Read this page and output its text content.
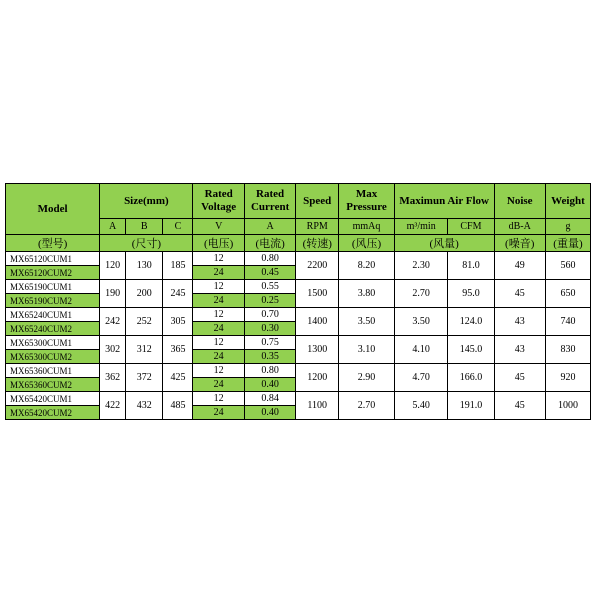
Model	Size(mm)			Rated Voltage	Rated Current	Speed	Max Pressure	Maximun Air Flow		Noise	Weight
	A	B	C	V	A	RPM	mmAq	m³/min	CFM	dB-A	g
(型号)	(尺寸)			(电压)	(电流)	(转速)	(风压)	(风量)		(噪音)	(重量)
MX65120CUM1	120	130	185	12	0.80	2200	8.20	2.30	81.0	49	560
MX65120CUM2				24	0.45						
MX65190CUM1	190	200	245	12	0.55	1500	3.80	2.70	95.0	45	650
MX65190CUM2				24	0.25						
MX65240CUM1	242	252	305	12	0.70	1400	3.50	3.50	124.0	43	740
MX65240CUM2				24	0.30						
MX65300CUM1	302	312	365	12	0.75	1300	3.10	4.10	145.0	43	830
MX65300CUM2				24	0.35						
MX65360CUM1	362	372	425	12	0.80	1200	2.90	4.70	166.0	45	920
MX65360CUM2				24	0.40						
MX65420CUM1	422	432	485	12	0.84	1100	2.70	5.40	191.0	45	1000
MX65420CUM2				24	0.40						
